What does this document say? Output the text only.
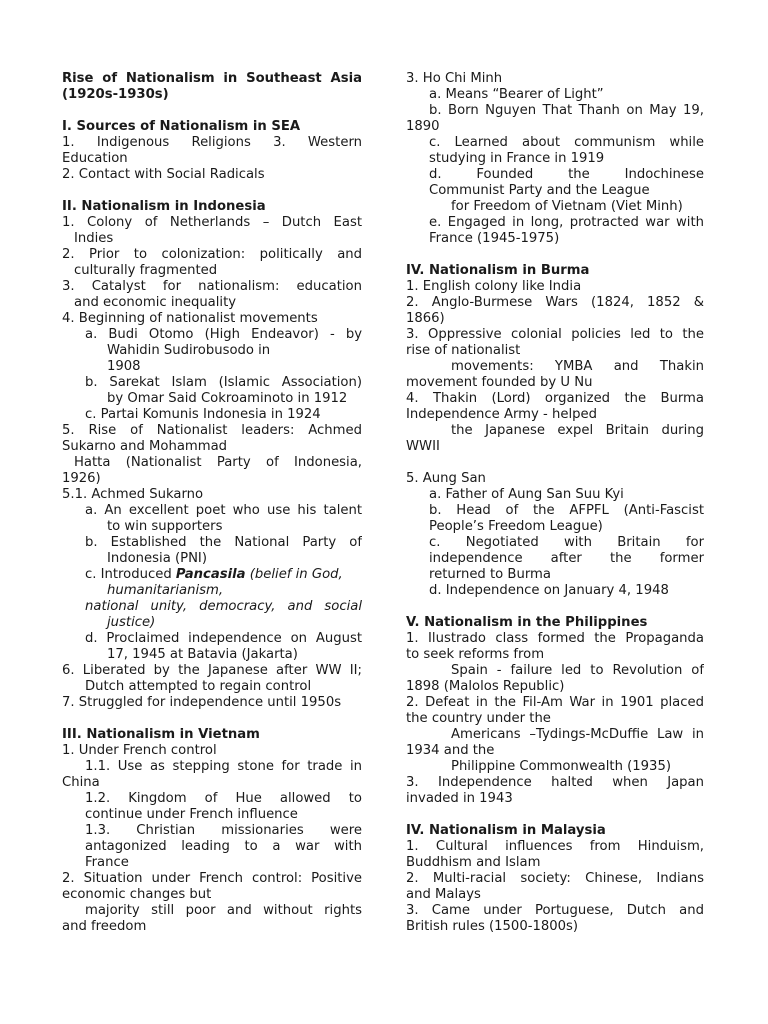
Rise of Nationalism in Southeast Asia
(1920s-1930s)
I. Sources of Nationalism in SEA
1. Indigenous Religions 3. Western
Education
2. Contact with Social Radicals
II. Nationalism in Indonesia
1. Colony of Netherlands – Dutch East
Indies
2. Prior to colonization: politically and
culturally fragmented
3. Catalyst for nationalism: education
and economic inequality
4. Beginning of nationalist movements
a. Budi Otomo (High Endeavor) - by
Wahidin Sudirobusodo in
1908
b. Sarekat Islam (Islamic Association)
by Omar Said Cokroaminoto in 1912
c. Partai Komunis Indonesia in 1924
5. Rise of Nationalist leaders: Achmed
Sukarno and Mohammad
Hatta (Nationalist Party of Indonesia,
1926)
5.1. Achmed Sukarno
a. An excellent poet who use his talent
to win supporters
b. Established the National Party of
Indonesia (PNI)
c. Introduced Pancasila (belief in God,
humanitarianism,
national unity, democracy, and social
justice)
d. Proclaimed independence on August
17, 1945 at Batavia (Jakarta)
6. Liberated by the Japanese after WW II;
Dutch attempted to regain control
7. Struggled for independence until 1950s
III. Nationalism in Vietnam
1. Under French control
1.1. Use as stepping stone for trade in
China
1.2. Kingdom of Hue allowed to
continue under French influence
1.3. Christian missionaries were
antagonized leading to a war with
France
2. Situation under French control: Positive
economic changes but
majority still poor and without rights
and freedom
3. Ho Chi Minh
a. Means “Bearer of Light”
b. Born Nguyen That Thanh on May 19,
1890
c. Learned about communism while
studying in France in 1919
d. Founded the Indochinese
Communist Party and the League
for Freedom of Vietnam (Viet Minh)
e. Engaged in long, protracted war with
France (1945-1975)
IV. Nationalism in Burma
1. English colony like India
2. Anglo-Burmese Wars (1824, 1852 &
1866)
3. Oppressive colonial policies led to the
rise of nationalist
movements: YMBA and Thakin
movement founded by U Nu
4. Thakin (Lord) organized the Burma
Independence Army - helped
the Japanese expel Britain during
WWII
5. Aung San
a. Father of Aung San Suu Kyi
b. Head of the AFPFL (Anti-Fascist
People’s Freedom League)
c. Negotiated with Britain for
independence after the former
returned to Burma
d. Independence on January 4, 1948
V. Nationalism in the Philippines
1. Ilustrado class formed the Propaganda
to seek reforms from
Spain - failure led to Revolution of
1898 (Malolos Republic)
2. Defeat in the Fil-Am War in 1901 placed
the country under the
Americans –Tydings-McDuffie Law in
1934 and the
Philippine Commonwealth (1935)
3. Independence halted when Japan
invaded in 1943
IV. Nationalism in Malaysia
1. Cultural influences from Hinduism,
Buddhism and Islam
2. Multi-racial society: Chinese, Indians
and Malays
3. Came under Portuguese, Dutch and
British rules (1500-1800s)
